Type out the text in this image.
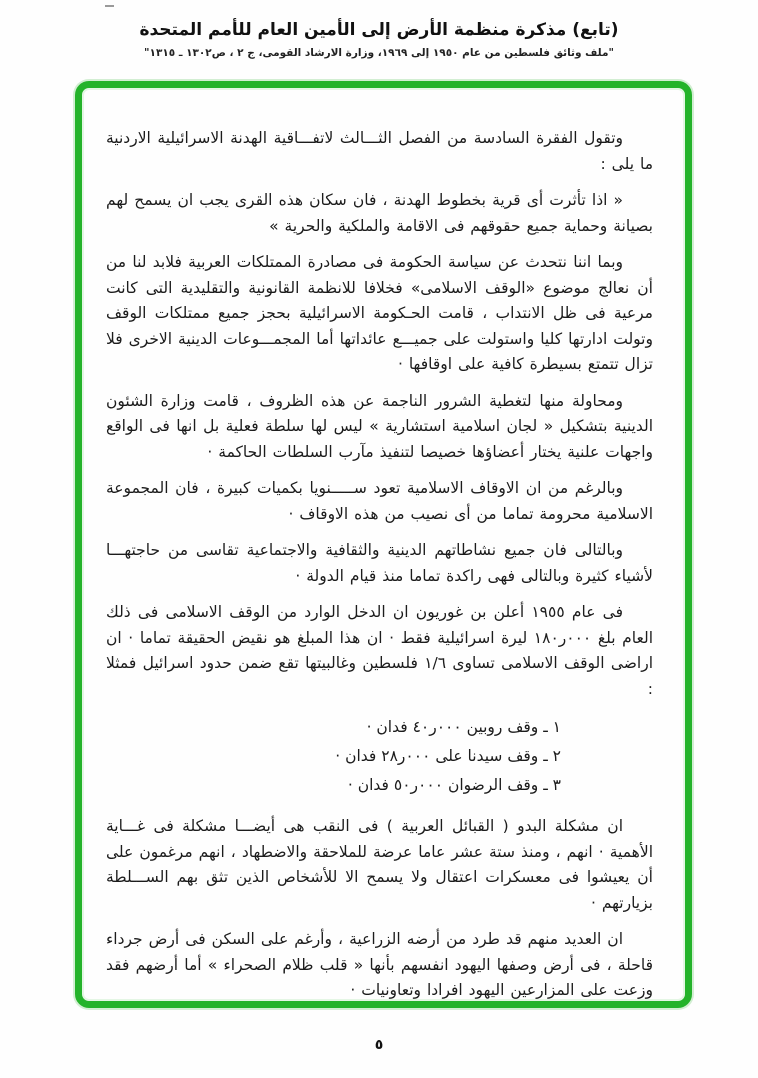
(تابع) مذكرة منظمة الأرض إلى الأمين العام للأمم المتحدة
"ملف وثائق فلسطين من عام ١٩٥٠ إلى ١٩٦٩، وزارة الارشاد القومى، ج ٢ ، ص١٣٠٢ ـ ١٣١٥"

وتقول الفقرة السادسة من الفصل الثـــالث لاتفـــاقية الهدنة الاسرائيلية الاردنية ما يلى :

« اذا تأثرت أى قرية بخطوط الهدنة ، فان سكان هذه القرى يجب ان يسمح لهم بصيانة وحماية جميع حقوقهم فى الاقامة والملكية والحرية »

وبما اننا نتحدث عن سياسة الحكومة فى مصادرة الممتلكات العربية فلابد لنا من أن نعالج موضوع «الوقف الاسلامى» فخلافا للانظمة القانونية والتقليدية التى كانت مرعية فى ظل الانتداب ، قامت الحـكومة الاسرائيلية بحجز جميع ممتلكات الوقف وتولت ادارتها كليا واستولت على جميـــع عائداتها أما المجمـــوعات الدينية الاخرى فلا تزال تتمتع بسيطرة كافية على اوقافها ·

ومحاولة منها لتغطية الشرور الناجمة عن هذه الظروف ، قامت وزارة الشئون الدينية بتشكيل « لجان اسلامية استشارية » ليس لها سلطة فعلية بل انها فى الواقع واجهات علنية يختار أعضاؤها خصيصا لتنفيذ مآرب السلطات الحاكمة ·

وبالرغم من ان الاوقاف الاسلامية تعود ســـــنويا بكميات كبيرة ، فان المجموعة الاسلامية محرومة تماما من أى نصيب من هذه الاوقاف ·

وبالتالى فان جميع نشاطاتهم الدينية والثقافية والاجتماعية تقاسى من حاجتهـــا لأشياء كثيرة وبالتالى فهى راكدة تماما منذ قيام الدولة ·

فى عام ١٩٥٥ أعلن بن غوريون ان الدخل الوارد من الوقف الاسلامى فى ذلك العام بلغ ٠٠٠ر١٨٠ ليرة اسرائيلية فقط · ان هذا المبلغ هو نقيض الحقيقة تماما · ان اراضى الوقف الاسلامى تساوى ١/٦ فلسطين وغالبيتها تقع ضمن حدود اسرائيل فمثلا :

١ ـ وقف روبين ٠٠٠ر٤٠ فدان ·
٢ ـ وقف سيدنا على ٠٠٠ر٢٨ فدان ·
٣ ـ وقف الرضوان ٠٠٠ر٥٠ فدان ·

ان مشكلة البدو ( القبائل العربية ) فى النقب هى أيضـــا مشكلة فى غـــاية الأهمية · انهم ، ومنذ ستة عشر عاما عرضة للملاحقة والاضطهاد ، انهم مرغمون على أن يعيشوا فى معسكرات اعتقال ولا يسمح الا للأشخاص الذين تثق بهم الســـلطة بزيارتهم ·

ان العديد منهم قد طرد من أرضه الزراعية ، وأرغم على السكن فى أرض جرداء قاحلة ، فى أرض وصفها اليهود انفسهم بأنها « قلب ظلام الصحراء » أما أرضهم فقد وزعت على المزارعين اليهود افرادا وتعاونيات ·

٥
